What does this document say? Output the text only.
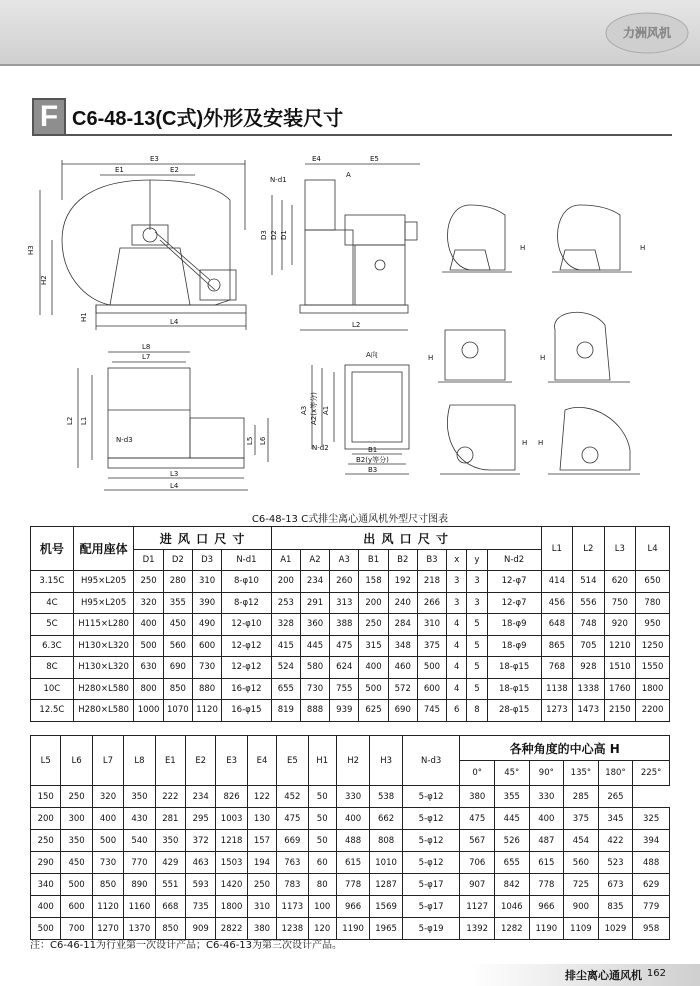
力洲风机
F C6-48-13(C式)外形及安装尺寸
E3
E1	E2
H3
H2
L4
H1
E4	E5
N-d1
A
D3 D2 D1
L2
L8
L7
L2 L1
N-d3	L5 L6
L3
L4
A向
A3 A2(x等分) A1
N-d2	B1
B2(y等分)
B3
H	H
H	H
H H
C6-48-13 C式排尘离心通风机外型尺寸图表
机号	配用座体	进 风 口 尺 寸				出 风 口 尺 寸									L1	L2	L3	L4
		D1	D2	D3	N-d1	A1	A2	A3	B1	B2	B3	x	y	N-d2				
3.15C	H95×L205	250	280	310	8-φ10	200	234	260	158	192	218	3	3	12-φ7	414	514	620	650
4C	H95×L205	320	355	390	8-φ12	253	291	313	200	240	266	3	3	12-φ7	456	556	750	780
5C	H115×L280	400	450	490	12-φ10	328	360	388	250	284	310	4	5	18-φ9	648	748	920	950
6.3C	H130×L320	500	560	600	12-φ12	415	445	475	315	348	375	4	5	18-φ9	865	705	1210	1250
8C	H130×L320	630	690	730	12-φ12	524	580	624	400	460	500	4	5	18-φ15	768	928	1510	1550
10C	H280×L580	800	850	880	16-φ12	655	730	755	500	572	600	4	5	18-φ15	1138	1338	1760	1800
12.5C	H280×L580	1000	1070	1120	16-φ15	819	888	939	625	690	745	6	8	28-φ15	1273	1473	2150	2200
L5	L6	L7	L8	E1	E2	E3	E4	E5	H1	H2	H3	N-d3	各种角度的中心高 H					
													0°	45°	90°	135°	180°	225°
150	250	320	350	222	234	826	122	452	50	330	538	5-φ12	380	355	330	285	265	
200	300	400	430	281	295	1003	130	475	50	400	662	5-φ12	475	445	400	375	345	325
250	350	500	540	350	372	1218	157	669	50	488	808	5-φ12	567	526	487	454	422	394
290	450	730	770	429	463	1503	194	763	60	615	1010	5-φ12	706	655	615	560	523	488
340	500	850	890	551	593	1420	250	783	80	778	1287	5-φ17	907	842	778	725	673	629
400	600	1120	1160	668	735	1800	310	1173	100	966	1569	5-φ17	1127	1046	966	900	835	779
500	700	1270	1370	850	909	2822	380	1238	120	1190	1965	5-φ19	1392	1282	1190	1109	1029	958
注：C6-46-11为行业第一次设计产品；C6-46-13为第三次设计产品。
排尘离心通风机 162
